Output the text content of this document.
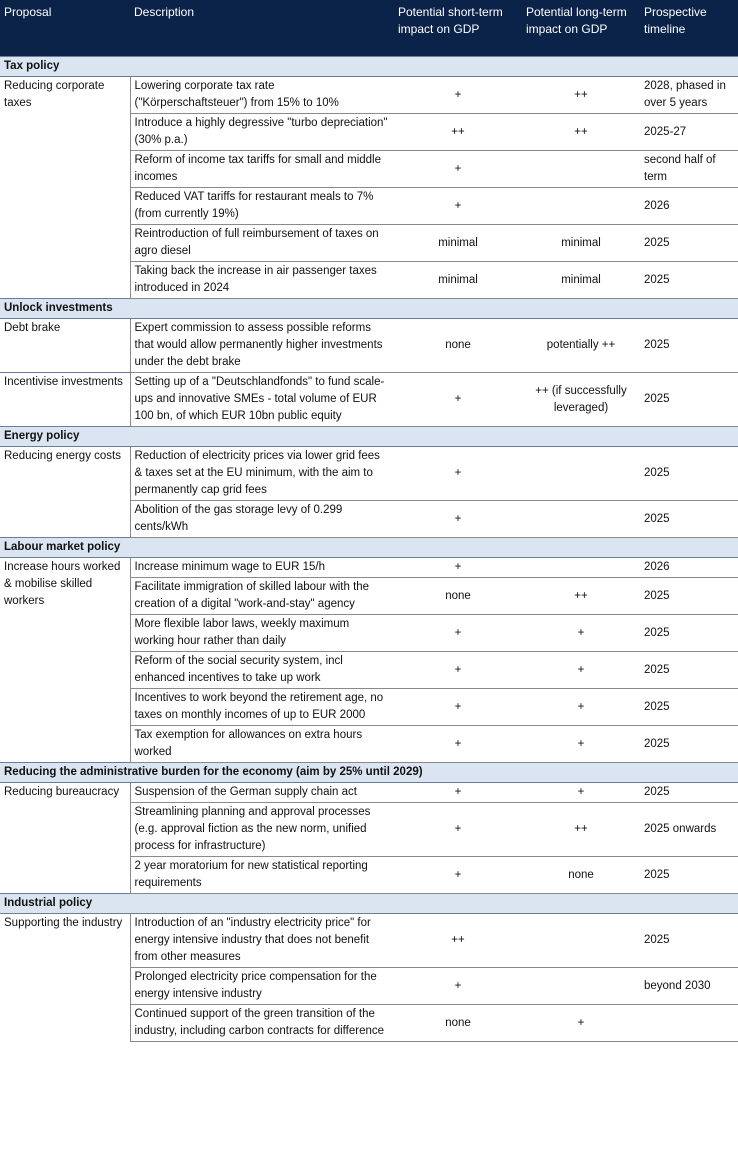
Proposal	Description	Potential short-term impact on GDP	Potential long-term impact on GDP	Prospective timeline
Tax policy				
Reducing corporate taxes	Lowering corporate tax rate ("Körperschaftsteuer") from 15% to 10%	+	++	2028, phased in over 5 years
	Introduce a highly degressive "turbo depreciation" (30% p.a.)	++	++	2025-27
	Reform of income tax tariffs for small and middle incomes	+		second half of term
	Reduced VAT tariffs for restaurant meals to 7% (from currently 19%)	+		2026
	Reintroduction of full reimbursement of taxes on agro diesel	minimal	minimal	2025
	Taking back the increase in air passenger taxes introduced in 2024	minimal	minimal	2025
Unlock investments				
Debt brake	Expert commission to assess possible reforms that would allow permanently higher investments under the debt brake	none	potentially ++	2025
Incentivise investments	Setting up of a "Deutschlandfonds" to fund scale-ups and innovative SMEs - total volume of EUR 100 bn, of which EUR 10bn public equity	+	++ (if successfully leveraged)	2025
Energy policy				
Reducing energy costs	Reduction of electricity prices via lower grid fees & taxes set at the EU minimum, with the aim to permanently cap grid fees	+		2025
	Abolition of the gas storage levy of 0.299 cents/kWh	+		2025
Labour market policy				
Increase hours worked & mobilise skilled workers	Increase minimum wage to EUR 15/h	+		2026
	Facilitate immigration of skilled labour with the creation of a digital "work-and-stay" agency	none	++	2025
	More flexible labor laws, weekly maximum working hour rather than daily	+	+	2025
	Reform of the social security system, incl enhanced incentives to take up work	+	+	2025
	Incentives to work beyond the retirement age, no taxes on monthly incomes of up to EUR 2000	+	+	2025
	Tax exemption for allowances on extra hours worked	+	+	2025
Reducing the administrative burden for the economy (aim by 25% until 2029)				
Reducing bureaucracy	Suspension of the German supply chain act	+	+	2025
	Streamlining planning and approval processes (e.g. approval fiction as the new norm, unified process for infrastructure)	+	++	2025 onwards
	2 year moratorium for new statistical reporting requirements	+	none	2025
Industrial policy				
Supporting the industry	Introduction of an "industry electricity price" for energy intensive industry that does not benefit from other measures	++		2025
	Prolonged electricity price compensation for the energy intensive industry	+		beyond 2030
	Continued support of the green transition of the industry, including carbon contracts for difference	none	+	
